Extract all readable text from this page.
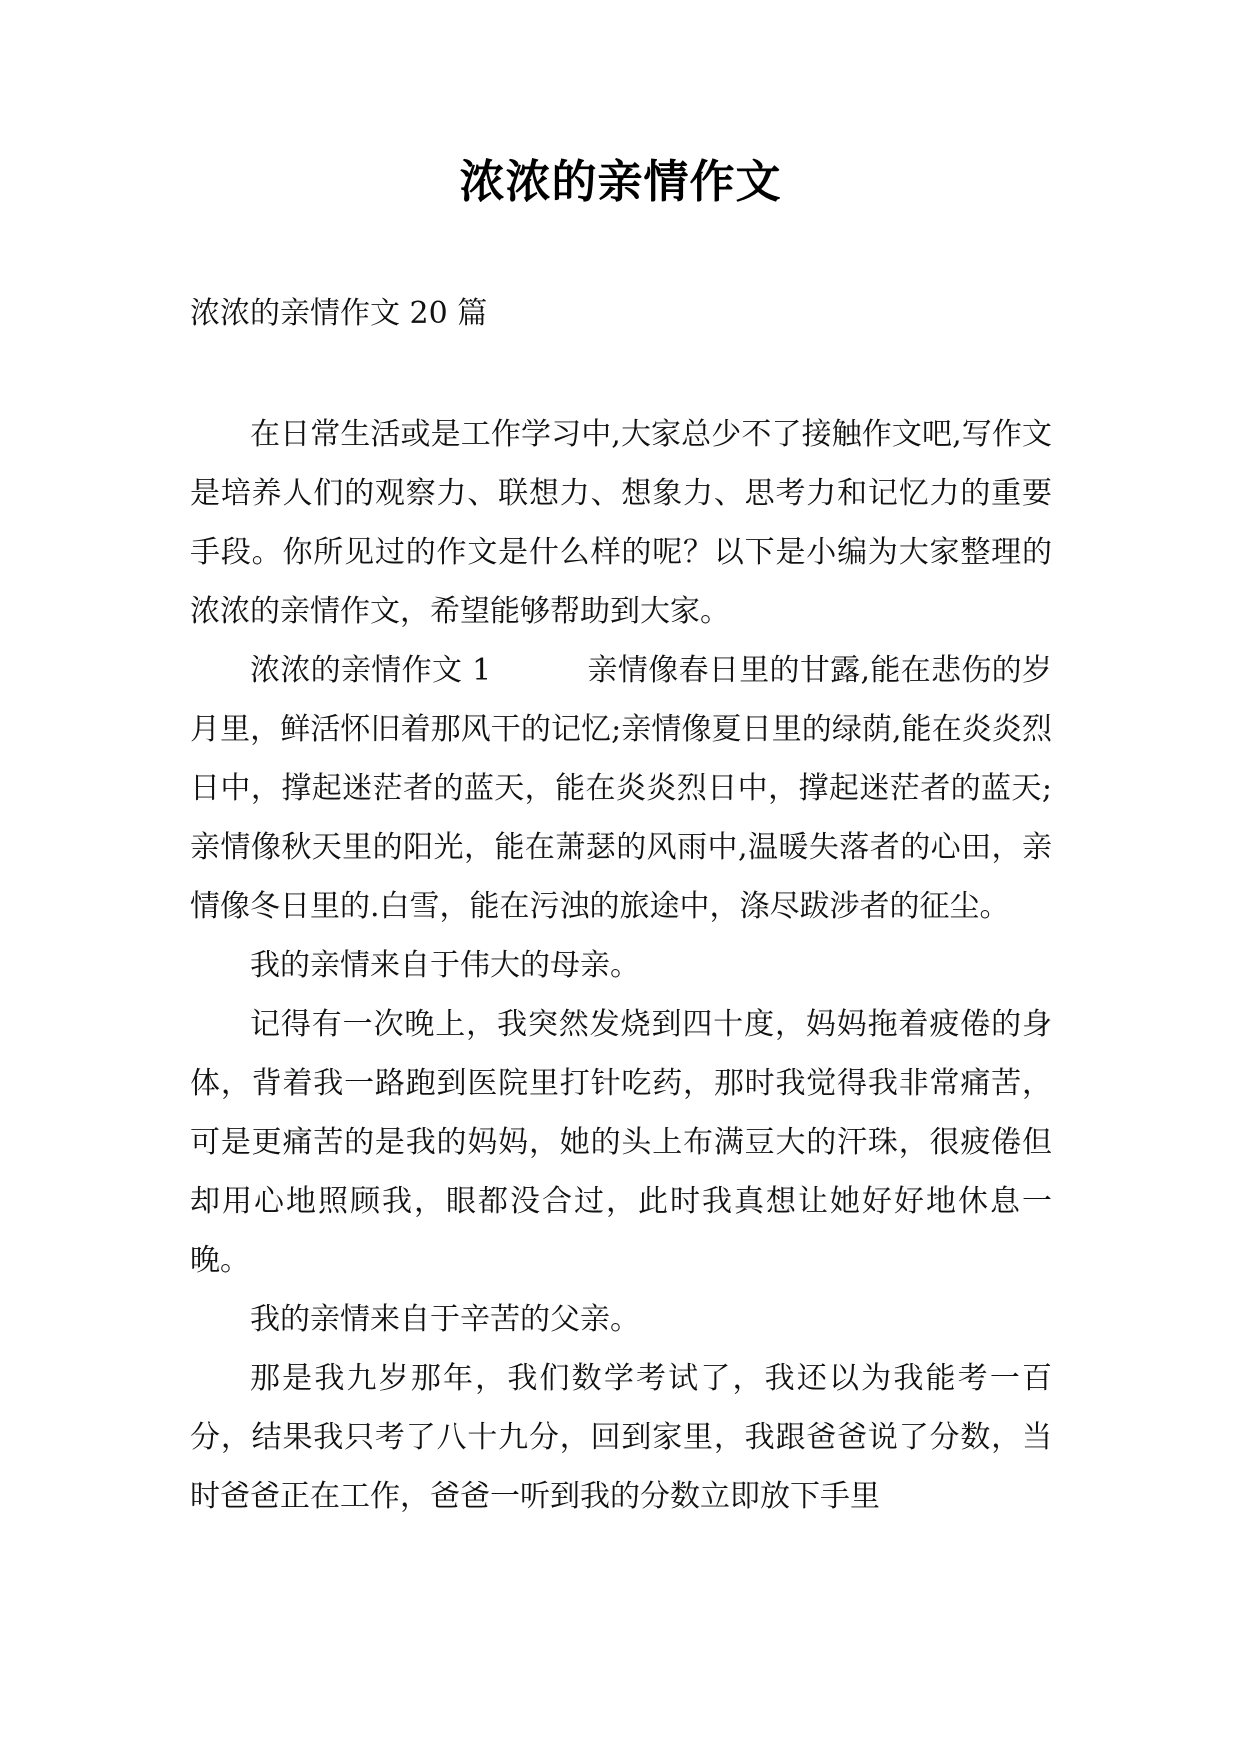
浓浓的亲情作文
浓浓的亲情作文 20 篇

在日常生活或是工作学习中,大家总少不了接触作文吧,写作文是培养人们的观察力、联想力、想象力、思考力和记忆力的重要手段。你所见过的作文是什么样的呢？以下是小编为大家整理的浓浓的亲情作文，希望能够帮助到大家。

浓浓的亲情作文 1	亲情像春日里的甘露,能在悲伤的岁月里，鲜活怀旧着那风干的记忆;亲情像夏日里的绿荫,能在炎炎烈日中，撑起迷茫者的蓝天，能在炎炎烈日中，撑起迷茫者的蓝天;亲情像秋天里的阳光，能在萧瑟的风雨中,温暖失落者的心田，亲情像冬日里的.白雪，能在污浊的旅途中，涤尽跋涉者的征尘。

我的亲情来自于伟大的母亲。

记得有一次晚上，我突然发烧到四十度，妈妈拖着疲倦的身体，背着我一路跑到医院里打针吃药，那时我觉得我非常痛苦，可是更痛苦的是我的妈妈，她的头上布满豆大的汗珠，很疲倦但却用心地照顾我，眼都没合过，此时我真想让她好好地休息一晚。

我的亲情来自于辛苦的父亲。

那是我九岁那年，我们数学考试了，我还以为我能考一百分，结果我只考了八十九分，回到家里，我跟爸爸说了分数，当时爸爸正在工作，爸爸一听到我的分数立即放下手里
